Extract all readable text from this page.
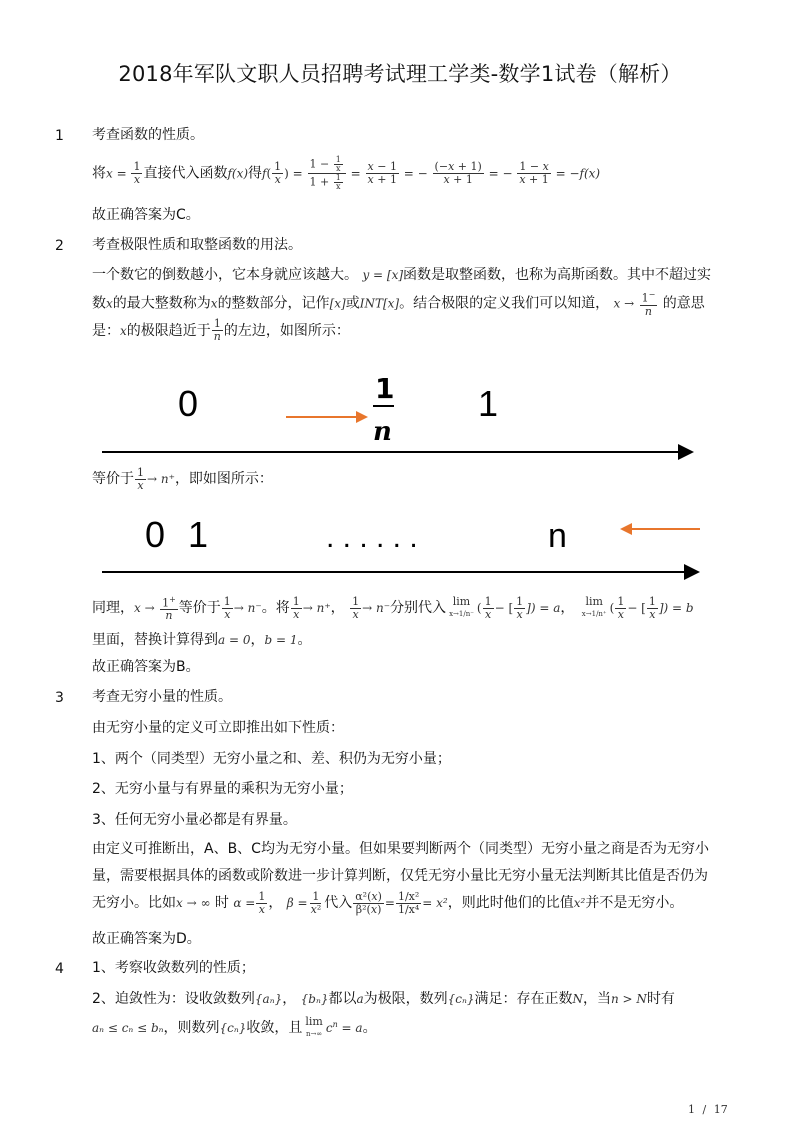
2018年军队文职人员招聘考试理工学类-数学1试卷（解析）
1 考查函数的性质。
将$x = \frac{1}{x}$ 直接代入函数f(x)得$f( \frac{1}{x}$ ) = $\frac{1 - \frac{1}{x}}{1 + \frac{1}{x}} = \frac{x - 1}{x + 1}$ = − $\frac{(-x + 1)}{x + 1}$ = − $\frac{1 - x}{x + 1} = -f(x)$
故正确答案为C。
2 考查极限性质和取整函数的用法。
一个数它的倒数越小，它本身就应该越大。 y = [x]函数是取整函数，也称为高斯函数。其中不超过实
数x的最大整数称为x的整数部分，记作[x]或INT[x]。结合极限的定义我们可以知道， $x \to \frac{1^-}{n}$ 的意思
是：x的极限趋近于 $\frac{1}{n}$ 的左边，如图所示：
0	1
n
1
等价于 $\frac{1}{x} \to n^+$，即如图所示：
0 1	. . . . . .	n
同理，$x \to \frac{1^+}{n}$ 等价于 $\frac{1}{x} \to n^-$。将 $\frac{1}{x} \to n^+$， $\frac{1}{x} \to n^-$分别代入 lim
x→1/n⁻ ( $\frac{1}{x}$ − [ $\frac{1}{x}$ ]) = a， lim
x→1/n⁺ ( $\frac{1}{x}$ − [ $\frac{1}{x}$ ]) = b
里面，替换计算得到a = 0，b = 1。
故正确答案为B。
3 考查无穷小量的性质。
由无穷小量的定义可立即推出如下性质：
1、两个（同类型）无穷小量之和、差、积仍为无穷小量；
2、无穷小量与有界量的乘积为无穷小量；
3、任何无穷小量必都是有界量。
由定义可推断出，A、B、C均为无穷小量。但如果要判断两个（同类型）无穷小量之商是否为无穷小
量，需要根据具体的函数或阶数进一步计算判断，仅凭无穷小量比无穷小量无法判断其比值是否仍为
无穷小。比如x → ∞ 时 $\alpha = \frac{1}{x}$ ， $\beta = \frac{1}{\text{x²}}$ 代入 $\frac{\text{α²(x)}}{\text{β²(x)}} = \frac{\text{1/x²}}{\text{1/x⁴}} = x^2$，则此时他们的比值x²并不是无穷小。
故正确答案为D。
4 1、考察收敛数列的性质；
2、迫敛性为：设收敛数列{aₙ}， {bₙ}都以a为极限，数列{cₙ}满足：存在正数N，当n > N时有
aₙ ≤ cₙ ≤ bₙ，则数列{cₙ}收敛，且 lim
n→∞ $c^n = a$。
1 / 17
